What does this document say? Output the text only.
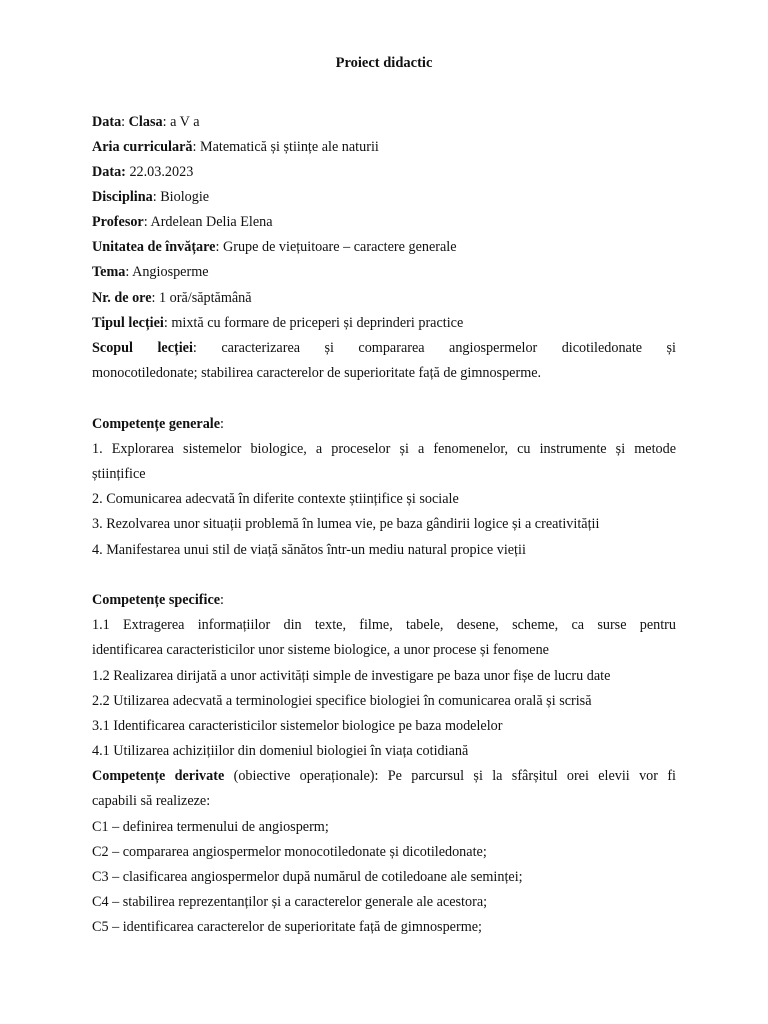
Proiect didactic
Data: Clasa: a V a
Aria curriculară: Matematică și științe ale naturii
Data: 22.03.2023
Disciplina: Biologie
Profesor: Ardelean Delia Elena
Unitatea de învățare: Grupe de viețuitoare – caractere generale
Tema: Angiosperme
Nr. de ore: 1 oră/săptămână
Tipul lecției: mixtă cu formare de priceperi și deprinderi practice
Scopul lecției: caracterizarea și compararea angiospermelor dicotiledonate și
monocotiledonate; stabilirea caracterelor de superioritate față de gimnosperme.
Competențe generale:
1. Explorarea sistemelor biologice, a proceselor și a fenomenelor, cu instrumente și metode
științifice
2. Comunicarea adecvată în diferite contexte științifice și sociale
3. Rezolvarea unor situații problemă în lumea vie, pe baza gândirii logice și a creativității
4. Manifestarea unui stil de viață sănătos într-un mediu natural propice vieții
Competențe specifice:
1.1 Extragerea informațiilor din texte, filme, tabele, desene, scheme, ca surse pentru
identificarea caracteristicilor unor sisteme biologice, a unor procese și fenomene
1.2 Realizarea dirijată a unor activități simple de investigare pe baza unor fișe de lucru date
2.2 Utilizarea adecvată a terminologiei specifice biologiei în comunicarea orală și scrisă
3.1 Identificarea caracteristicilor sistemelor biologice pe baza modelelor
4.1 Utilizarea achizițiilor din domeniul biologiei în viața cotidiană
Competențe derivate (obiective operaționale): Pe parcursul și la sfârșitul orei elevii vor fi
capabili să realizeze:
C1 – definirea termenului de angiosperm;
C2 – compararea angiospermelor monocotiledonate și dicotiledonate;
C3 – clasificarea angiospermelor după numărul de cotiledoane ale seminței;
C4 – stabilirea reprezentanților și a caracterelor generale ale acestora;
C5 – identificarea caracterelor de superioritate față de gimnosperme;
